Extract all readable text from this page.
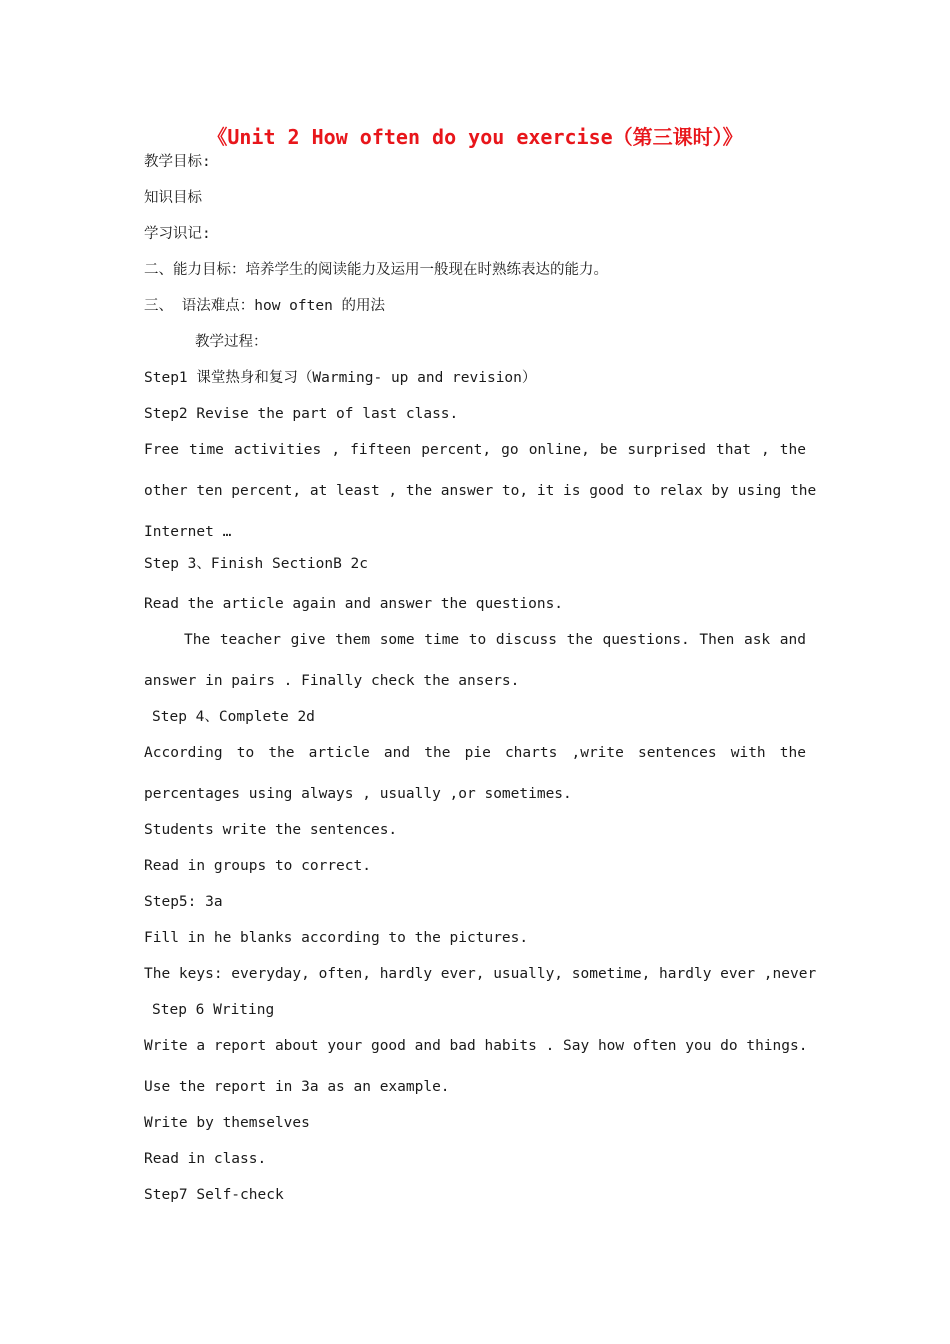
《Unit 2 How often do you exercise（第三课时）》
教学目标:
知识目标
学习识记:
二、能力目标：培养学生的阅读能力及运用一般现在时熟练表达的能力。
三、 语法难点：how often 的用法
教学过程：
Step1 课堂热身和复习（Warming- up and revision）
Step2 Revise the part of last class.
Free time activities , fifteen percent, go online, be surprised that , the
other ten percent, at least , the answer to, it is good to relax by using the
Internet …
Step 3、Finish SectionB 2c
Read the article again and answer the questions.
The teacher give them some time to discuss the questions. Then ask and
answer in pairs . Finally check the ansers.
Step 4、Complete 2d
According to the article and the pie charts ,write sentences with the
percentages using always , usually ,or sometimes.
Students write the sentences.
Read in groups to correct.
Step5: 3a
Fill in he blanks according to the pictures.
The keys: everyday, often, hardly ever, usually, sometime, hardly ever ,never
Step 6 Writing
Write a report about your good and bad habits . Say how often you do things.
Use the report in 3a as an example.
Write by themselves
Read in class.
Step7 Self-check
